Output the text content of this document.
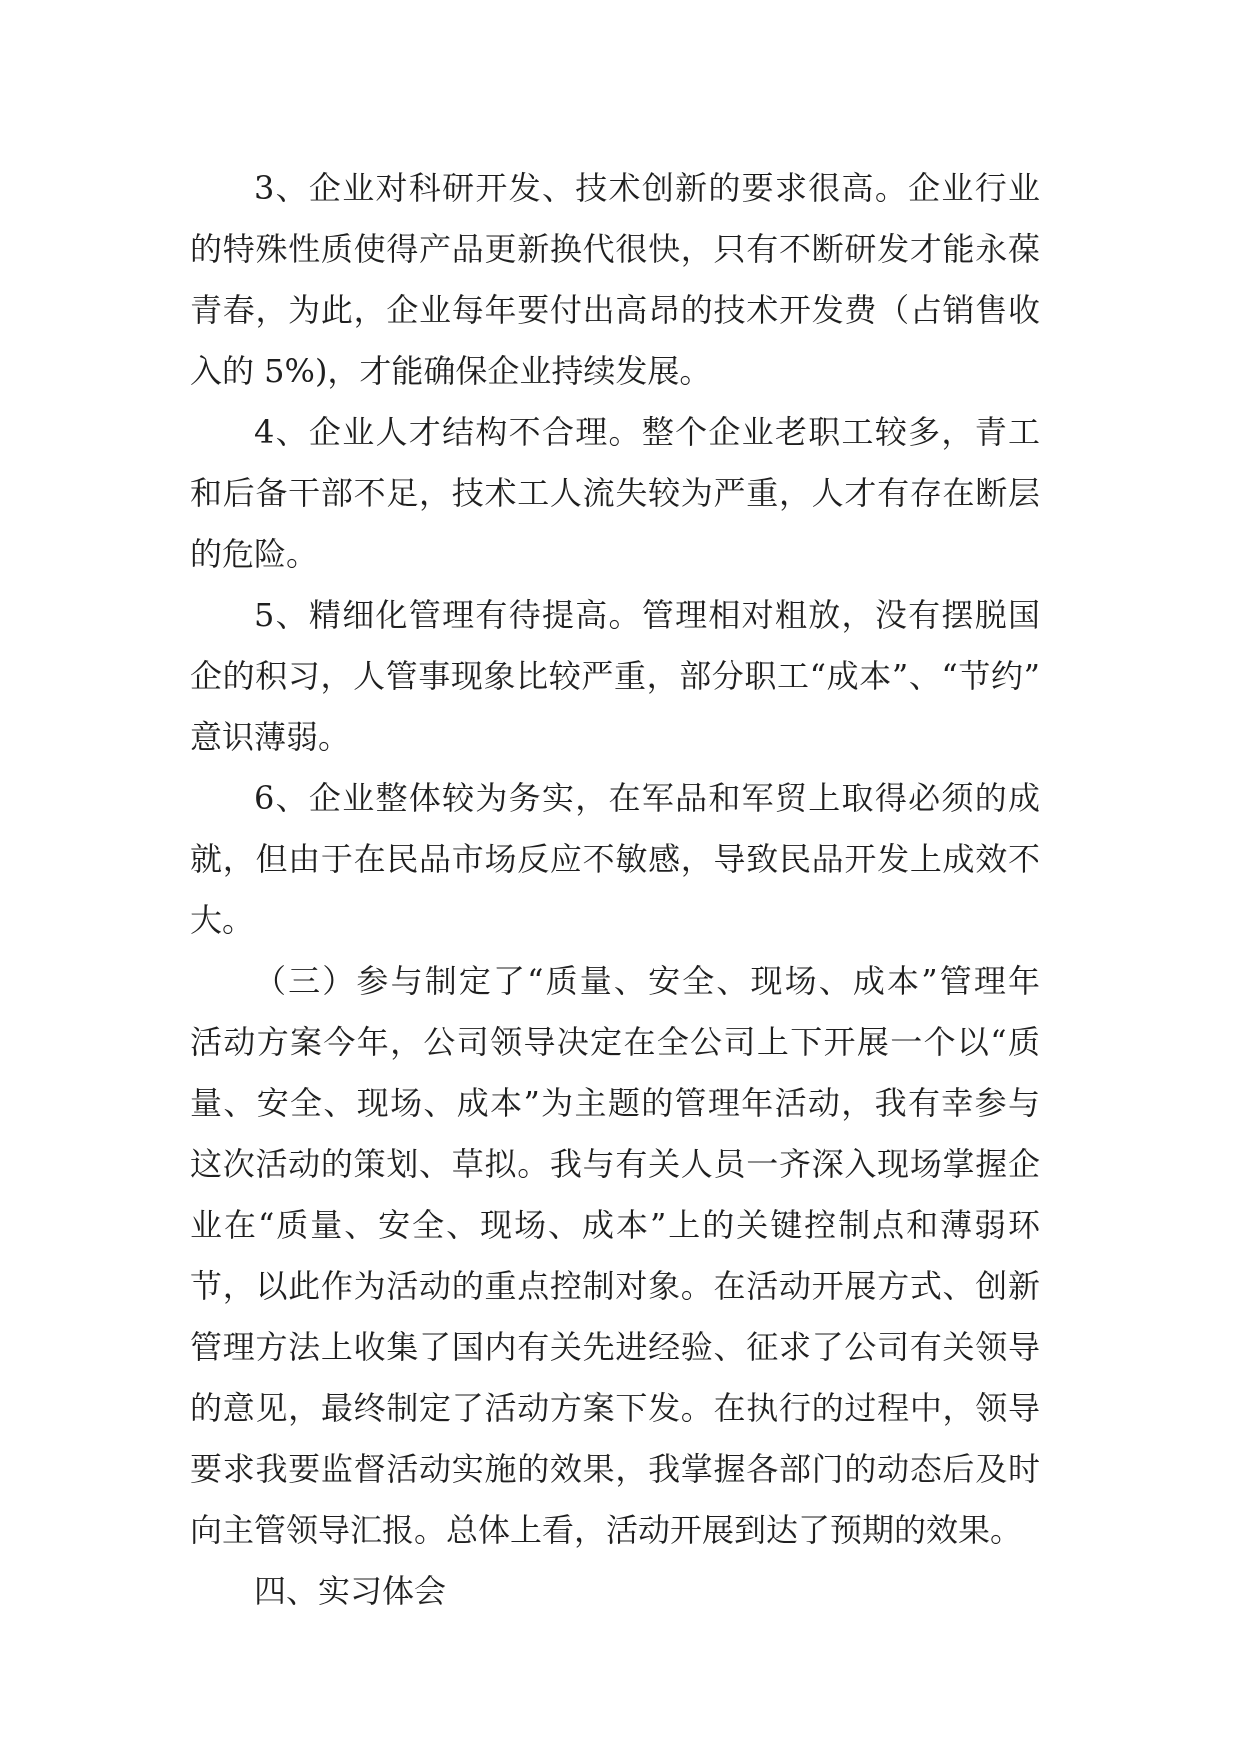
3、企业对科研开发、技术创新的要求很高。企业行业
的特殊性质使得产品更新换代很快，只有不断研发才能永葆
青春，为此，企业每年要付出高昂的技术开发费（占销售收
入的 5%)，才能确保企业持续发展。
4、企业人才结构不合理。整个企业老职工较多，青工
和后备干部不足，技术工人流失较为严重，人才有存在断层
的危险。
5、精细化管理有待提高。管理相对粗放，没有摆脱国
企的积习，人管事现象比较严重，部分职工“成本”、“节约”
意识薄弱。
6、企业整体较为务实，在军品和军贸上取得必须的成
就，但由于在民品市场反应不敏感，导致民品开发上成效不
大。
（三）参与制定了“质量、安全、现场、成本”管理年
活动方案今年，公司领导决定在全公司上下开展一个以“质
量、安全、现场、成本”为主题的管理年活动，我有幸参与
这次活动的策划、草拟。我与有关人员一齐深入现场掌握企
业在“质量、安全、现场、成本”上的关键控制点和薄弱环
节，以此作为活动的重点控制对象。在活动开展方式、创新
管理方法上收集了国内有关先进经验、征求了公司有关领导
的意见，最终制定了活动方案下发。在执行的过程中，领导
要求我要监督活动实施的效果，我掌握各部门的动态后及时
向主管领导汇报。总体上看，活动开展到达了预期的效果。
四、实习体会
